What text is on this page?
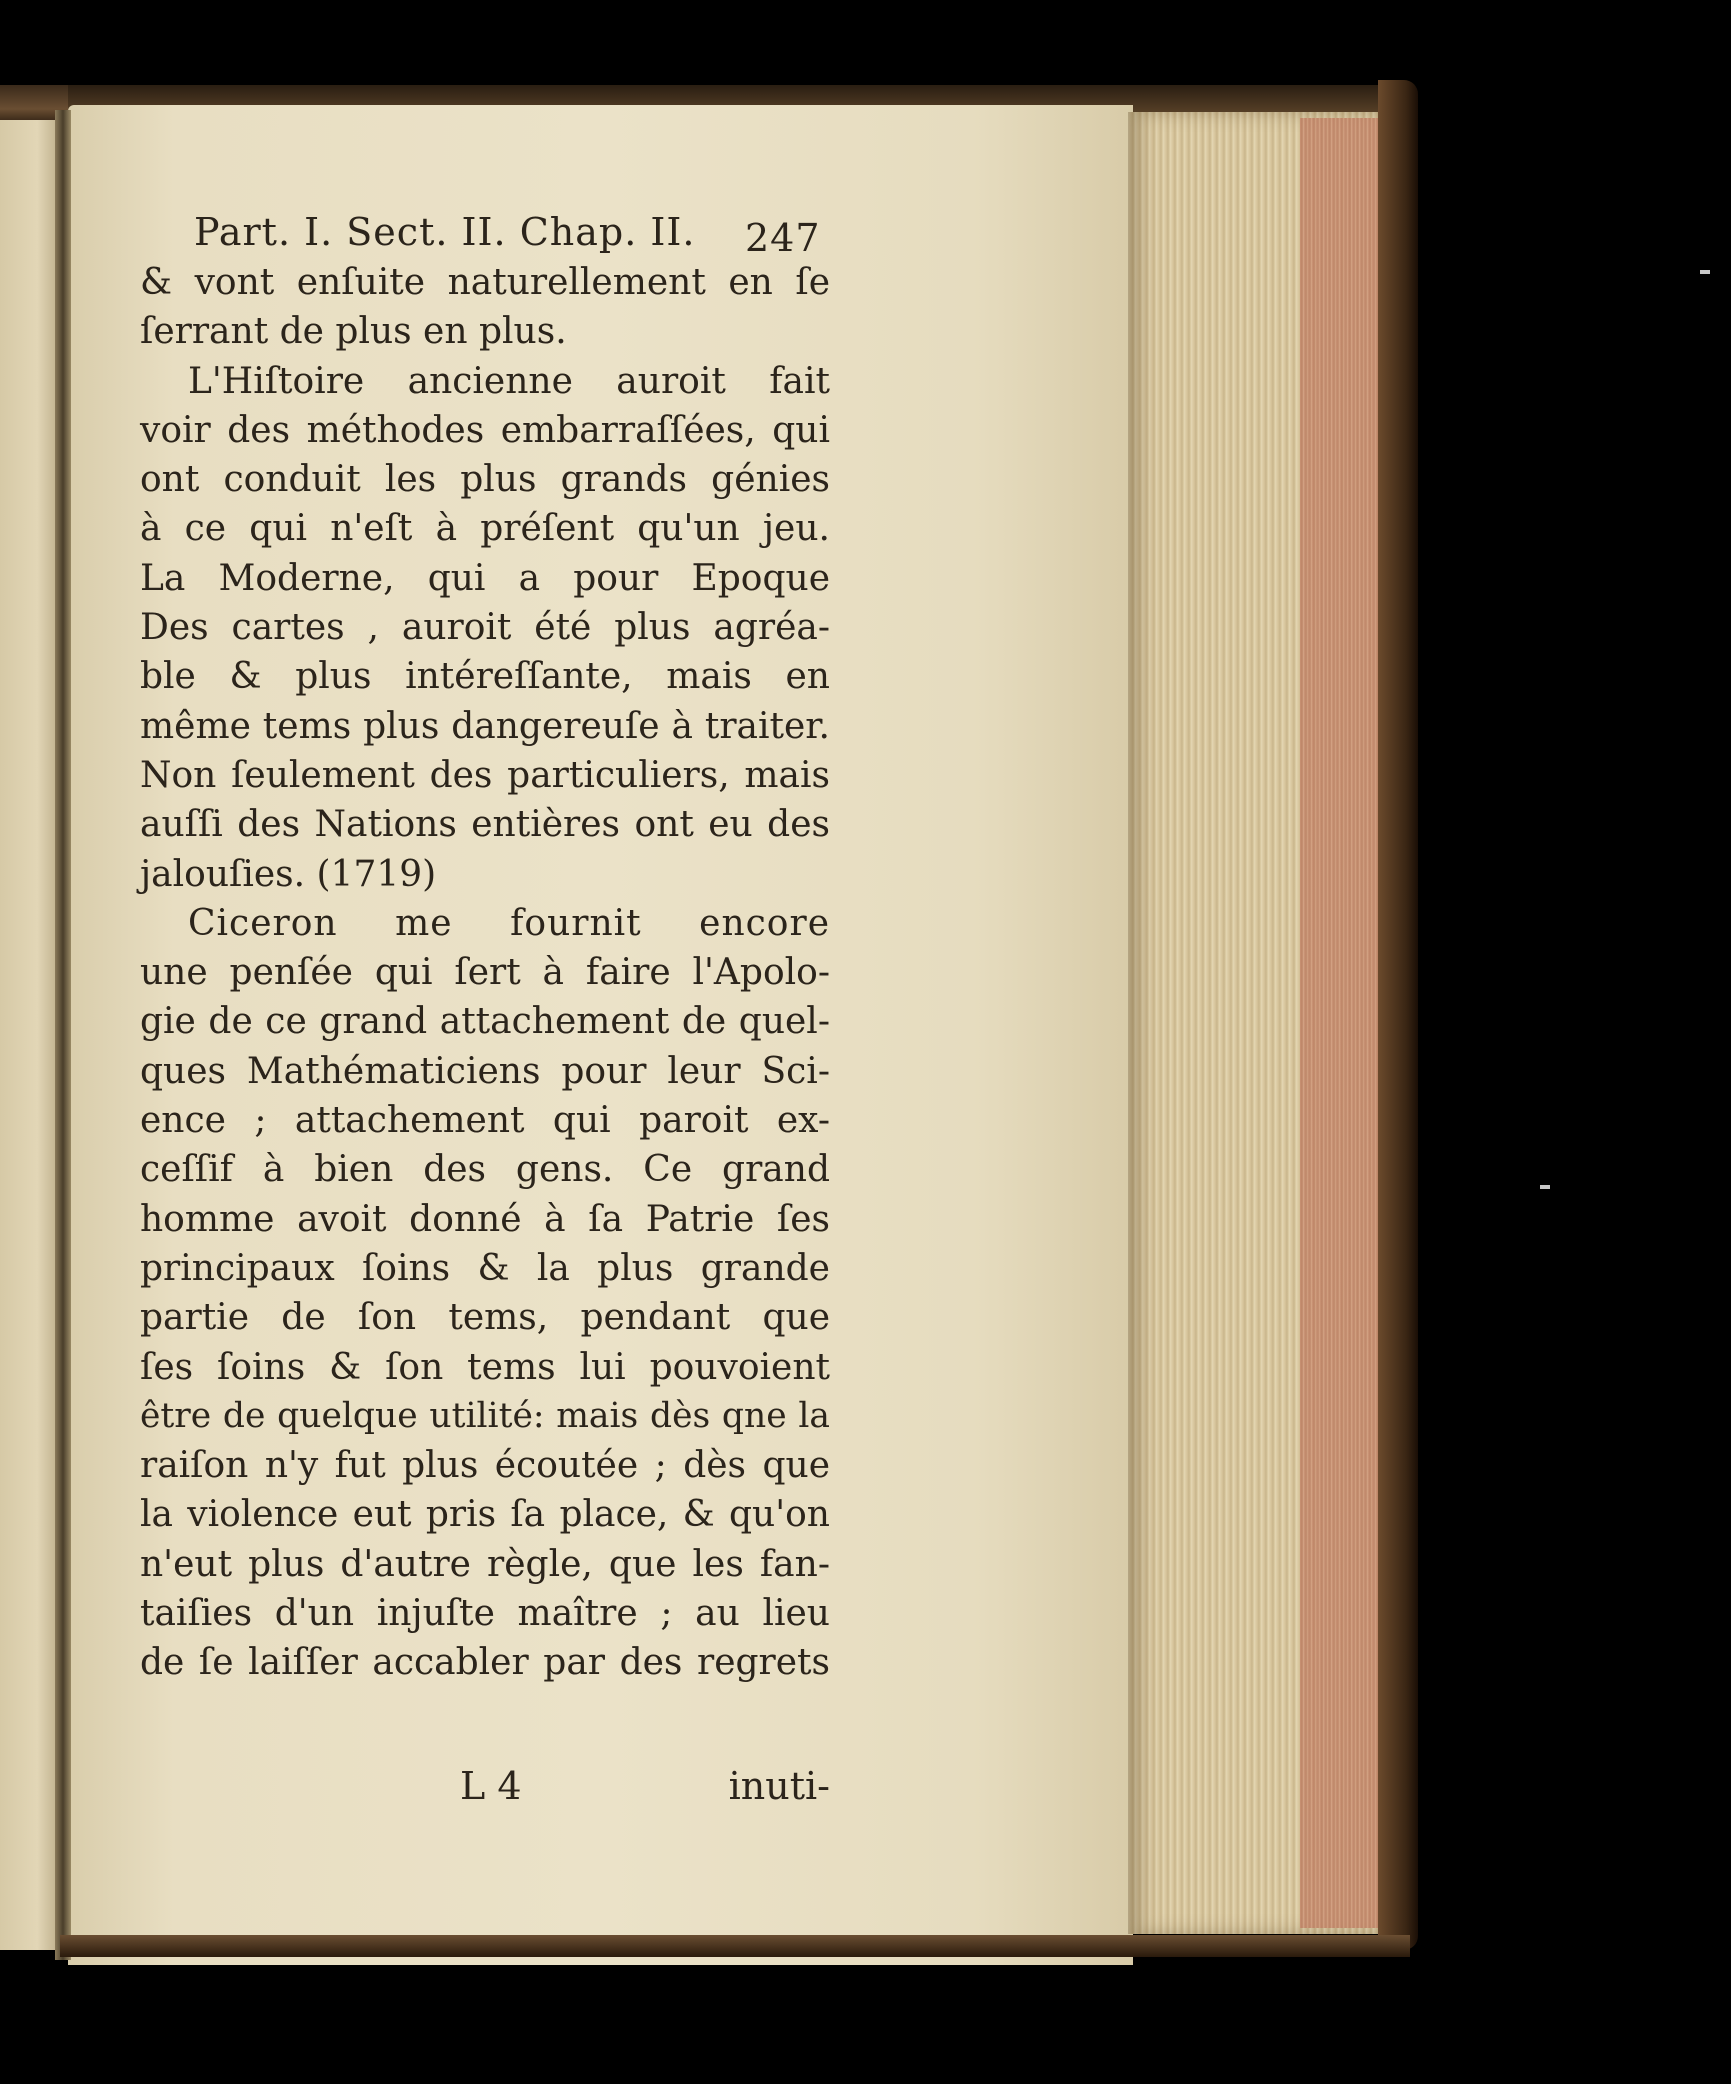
Part. I. Sect. II. Chap. II. 247
& vont enſuite naturellement en ſe
ſerrant de plus en plus.
L'Hiſtoire ancienne auroit fait
voir des méthodes embarraſſées, qui
ont conduit les plus grands génies
à ce qui n'eſt à préſent qu'un jeu.
La Moderne, qui a pour Epoque
Des cartes , auroit été plus agréa-
ble & plus intéreſſante, mais en
même tems plus dangereuſe à traiter.
Non ſeulement des particuliers, mais
auſſi des Nations entières ont eu des
jalouſies. (1719)
Ciceron me fournit encore
une penſée qui ſert à faire l'Apolo-
gie de ce grand attachement de quel-
ques Mathématiciens pour leur Sci-
ence ; attachement qui paroit ex-
ceſſif à bien des gens. Ce grand
homme avoit donné à ſa Patrie ſes
principaux ſoins & la plus grande
partie de ſon tems, pendant que
ſes ſoins & ſon tems lui pouvoient
être de quelque utilité: mais dès qne la
raiſon n'y fut plus écoutée ; dès que
la violence eut pris ſa place, & qu'on
n'eut plus d'autre règle, que les fan-
taiſies d'un injuſte maître ; au lieu
de ſe laiſſer accabler par des regrets
L 4	inuti-
